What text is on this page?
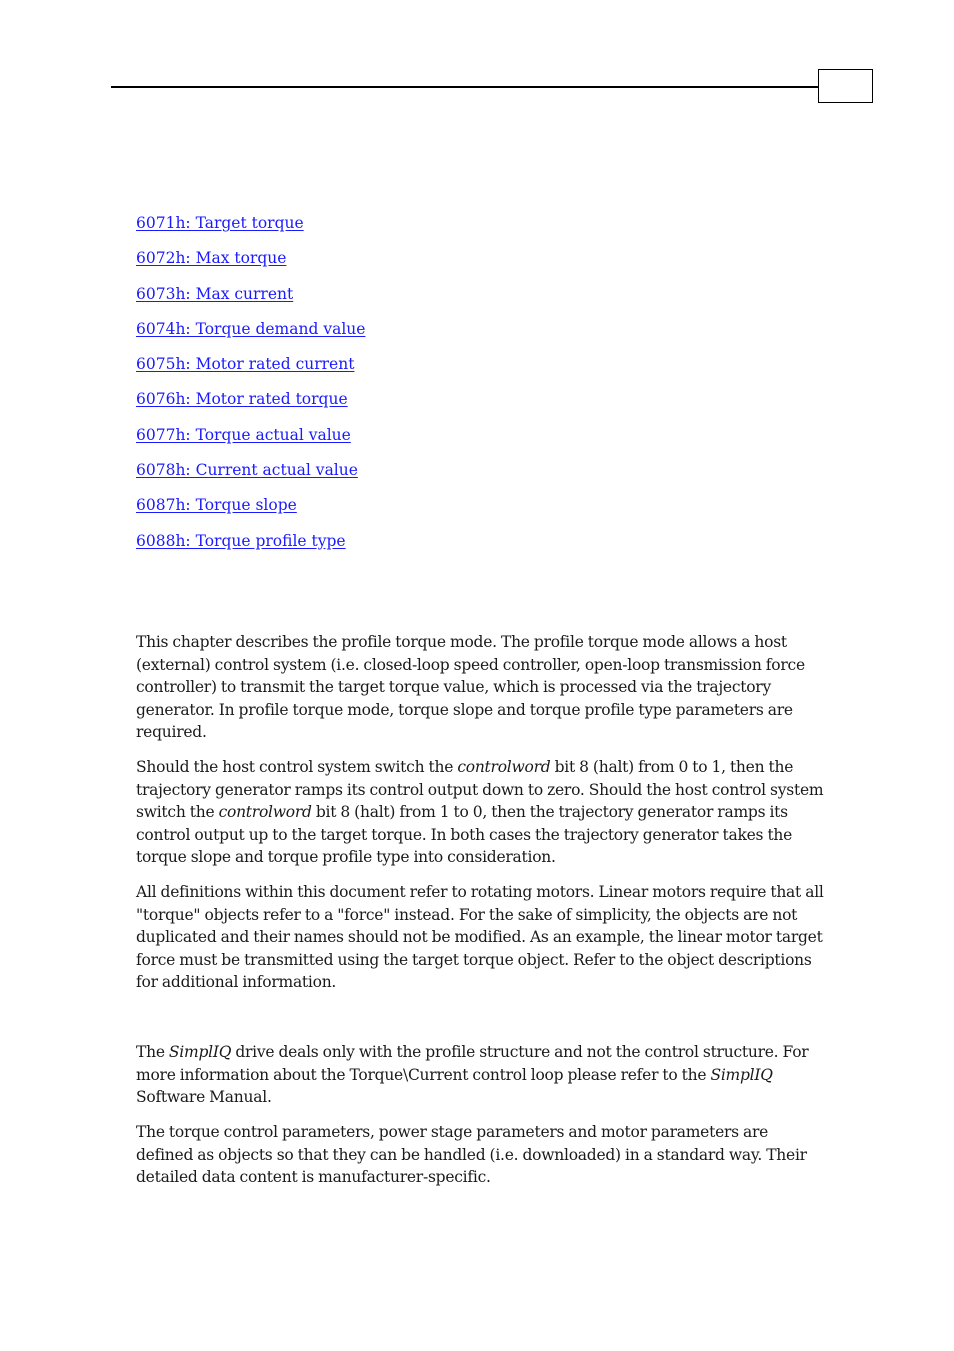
6071h: Target torque
6072h: Max torque
6073h: Max current
6074h: Torque demand value
6075h: Motor rated current
6076h: Motor rated torque
6077h: Torque actual value
6078h: Current actual value
6087h: Torque slope
6088h: Torque profile type

This chapter describes the profile torque mode. The profile torque mode allows a host (external) control system (i.e. closed-loop speed controller, open-loop transmission force controller) to transmit the target torque value, which is processed via the trajectory generator. In profile torque mode, torque slope and torque profile type parameters are required.

Should the host control system switch the controlword bit 8 (halt) from 0 to 1, then the trajectory generator ramps its control output down to zero. Should the host control system switch the controlword bit 8 (halt) from 1 to 0, then the trajectory generator ramps its control output up to the target torque. In both cases the trajectory generator takes the torque slope and torque profile type into consideration.

All definitions within this document refer to rotating motors. Linear motors require that all "torque" objects refer to a "force" instead. For the sake of simplicity, the objects are not duplicated and their names should not be modified. As an example, the linear motor target force must be transmitted using the target torque object. Refer to the object descriptions for additional information.

The SimplIQ drive deals only with the profile structure and not the control structure. For more information about the Torque\Current control loop please refer to the SimplIQ Software Manual.

The torque control parameters, power stage parameters and motor parameters are defined as objects so that they can be handled (i.e. downloaded) in a standard way. Their detailed data content is manufacturer-specific.
